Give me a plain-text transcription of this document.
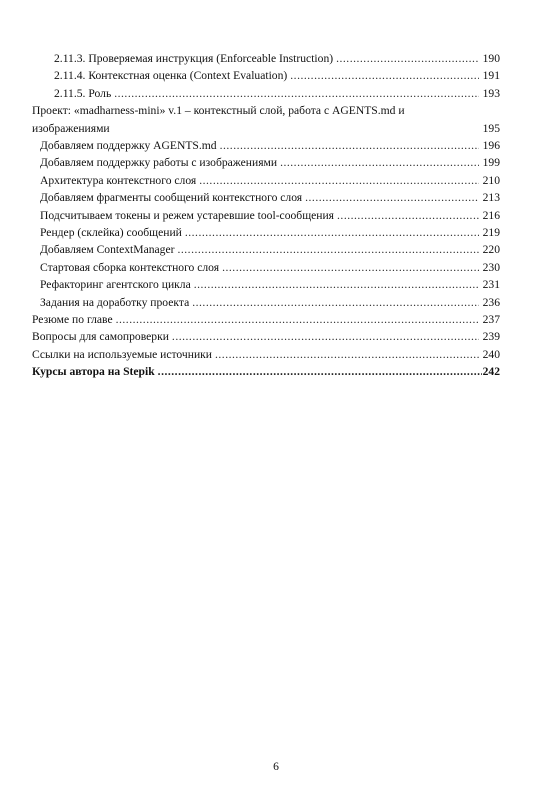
2.11.3. Проверяемая инструкция (Enforceable Instruction) .....	190
2.11.4. Контекстная оценка (Context Evaluation) .....	191
2.11.5. Роль .....	193
Проект: «madharness-mini» v.1 – контекстный слой, работа с AGENTS.md и
изображениями	195
Добавляем поддержку AGENTS.md .....	196
Добавляем поддержку работы с изображениями .....	199
Архитектура контекстного слоя .....	210
Добавляем фрагменты сообщений контекстного слоя .....	213
Подсчитываем токены и режем устаревшие tool-сообщения .....	216
Рендер (склейка) сообщений .....	219
Добавляем ContextManager .....	220
Стартовая сборка контекстного слоя .....	230
Рефакторинг агентского цикла .....	231
Задания на доработку проекта .....	236
Резюме по главе .....	237
Вопросы для самопроверки .....	239
Ссылки на используемые источники .....	240
Курсы автора на Stepik .....	242
6
